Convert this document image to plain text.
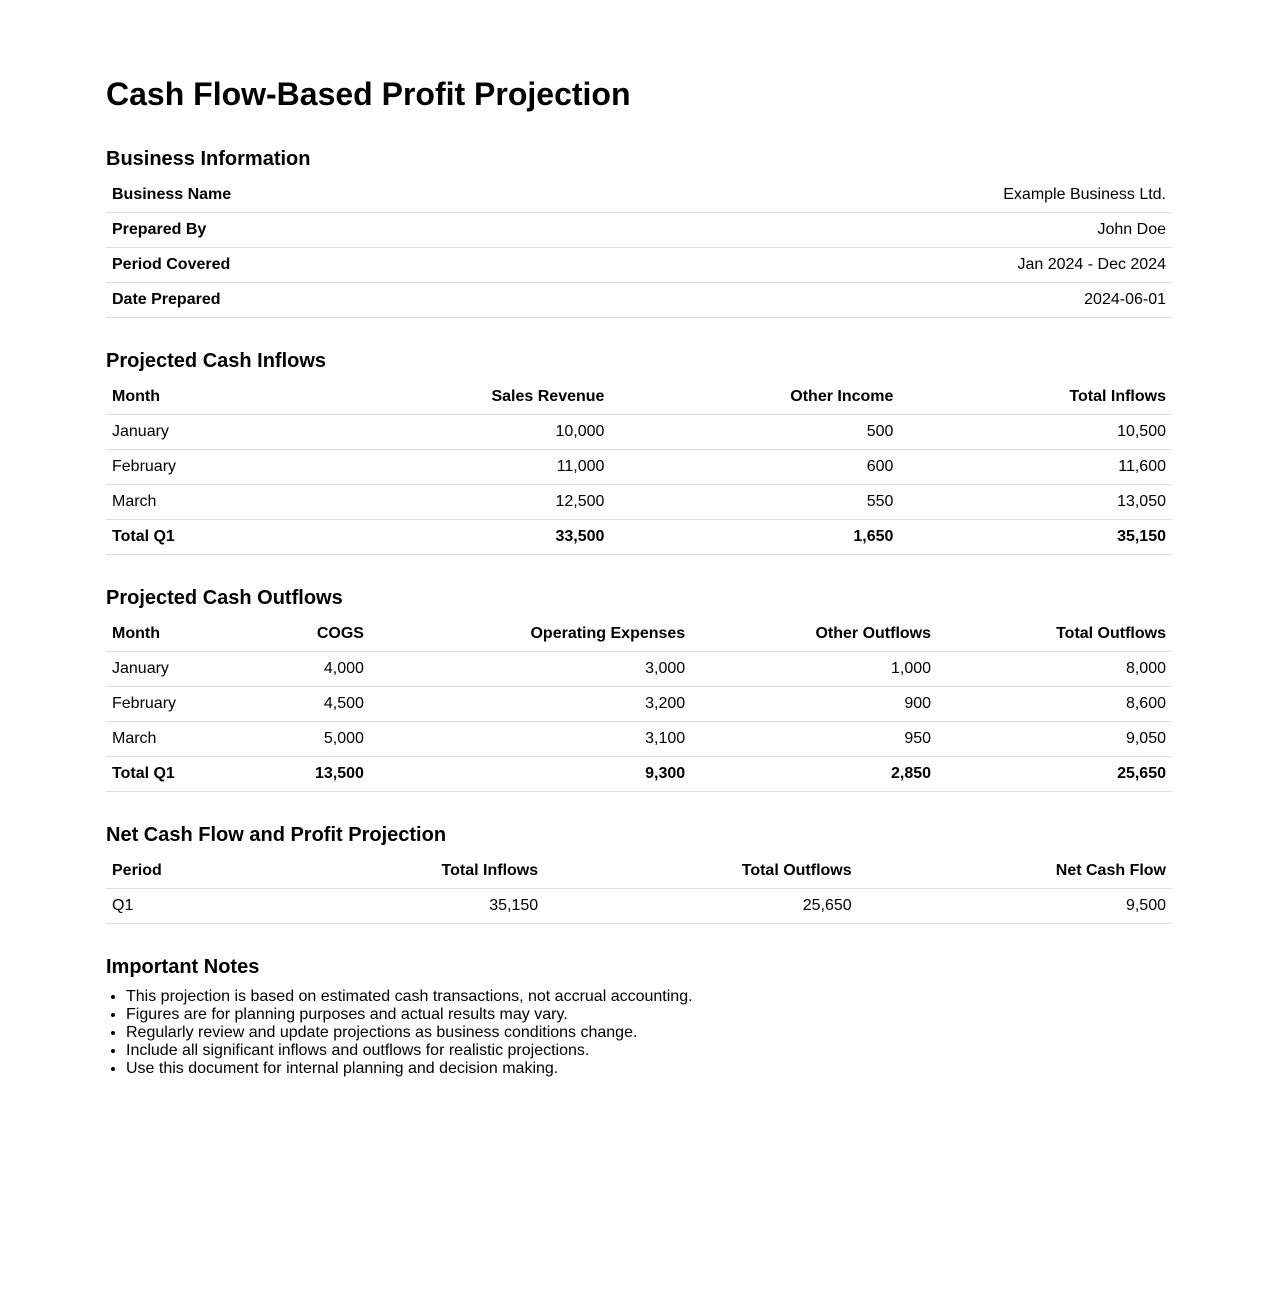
Cash Flow-Based Profit Projection
Business Information
Business Name	Example Business Ltd.
Prepared By	John Doe
Period Covered	Jan 2024 - Dec 2024
Date Prepared	2024-06-01
Projected Cash Inflows
Month	Sales Revenue	Other Income	Total Inflows
January	10,000	500	10,500
February	11,000	600	11,600
March	12,500	550	13,050
Total Q1	33,500	1,650	35,150
Projected Cash Outflows
Month	COGS	Operating Expenses	Other Outflows	Total Outflows
January	4,000	3,000	1,000	8,000
February	4,500	3,200	900	8,600
March	5,000	3,100	950	9,050
Total Q1	13,500	9,300	2,850	25,650
Net Cash Flow and Profit Projection
Period	Total Inflows	Total Outflows	Net Cash Flow
Q1	35,150	25,650	9,500
Important Notes
• This projection is based on estimated cash transactions, not accrual accounting.
• Figures are for planning purposes and actual results may vary.
• Regularly review and update projections as business conditions change.
• Include all significant inflows and outflows for realistic projections.
• Use this document for internal planning and decision making.
